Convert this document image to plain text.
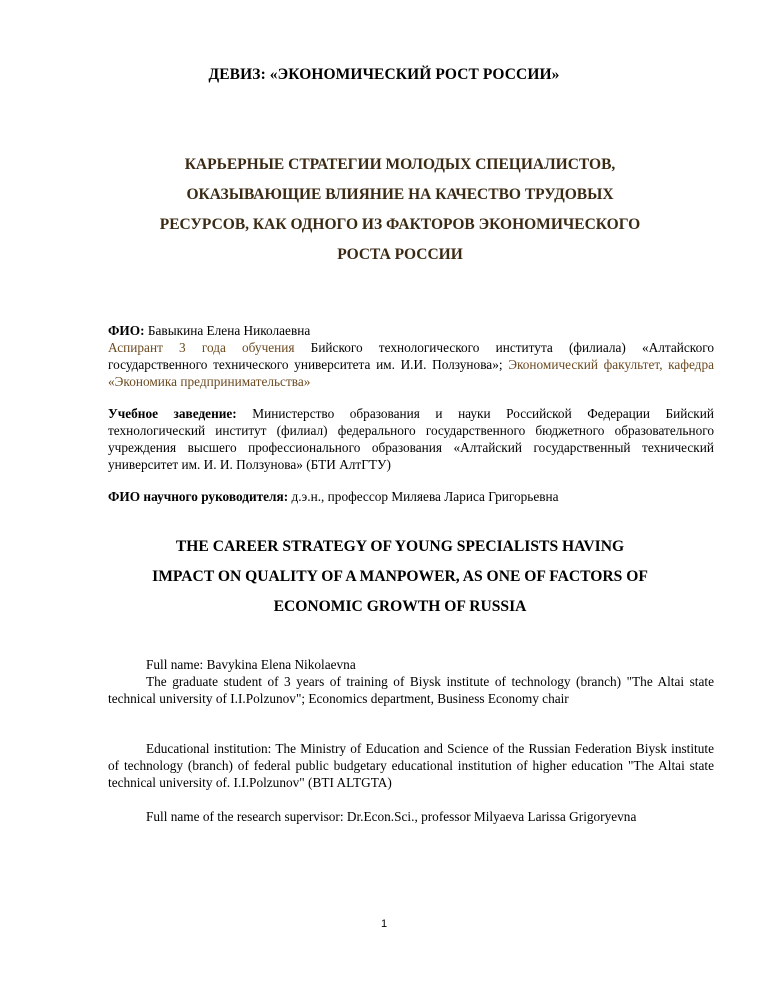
ДЕВИЗ: «ЭКОНОМИЧЕСКИЙ РОСТ РОССИИ»
КАРЬЕРНЫЕ СТРАТЕГИИ МОЛОДЫХ СПЕЦИАЛИСТОВ,
ОКАЗЫВАЮЩИЕ ВЛИЯНИЕ НА КАЧЕСТВО ТРУДОВЫХ
РЕСУРСОВ, КАК ОДНОГО ИЗ ФАКТОРОВ ЭКОНОМИЧЕСКОГО
РОСТА РОССИИ
ФИО: Бавыкина Елена Николаевна
Аспирант 3 года обучения Бийского технологического института (филиала) «Алтайского государственного технического университета им. И.И. Ползунова»; Экономический факультет, кафедра «Экономика предпринимательства»
Учебное заведение: Министерство образования и науки Российской Федерации Бийский технологический институт (филиал) федерального государственного бюджетного образовательного учреждения высшего профессионального образования «Алтайский государственный технический университет им. И. И. Ползунова» (БТИ АлтГТУ)
ФИО научного руководителя: д.э.н., профессор Миляева Лариса Григорьевна
THE CAREER STRATEGY OF YOUNG SPECIALISTS HAVING
IMPACT ON QUALITY OF A MANPOWER, AS ONE OF FACTORS OF
ECONOMIC GROWTH OF RUSSIA
Full name: Bavykina Elena Nikolaevna
The graduate student of 3 years of training of Biysk institute of technology (branch) "The Altai state technical university of I.I.Polzunov"; Economics department, Business Economy chair
Educational institution: The Ministry of Education and Science of the Russian Federation Biysk institute of technology (branch) of federal public budgetary educational institution of higher education "The Altai state technical university of. I.I.Polzunov" (BTI ALTGTA)
Full name of the research supervisor: Dr.Econ.Sci., professor Milyaeva Larissa Grigoryevna
1
